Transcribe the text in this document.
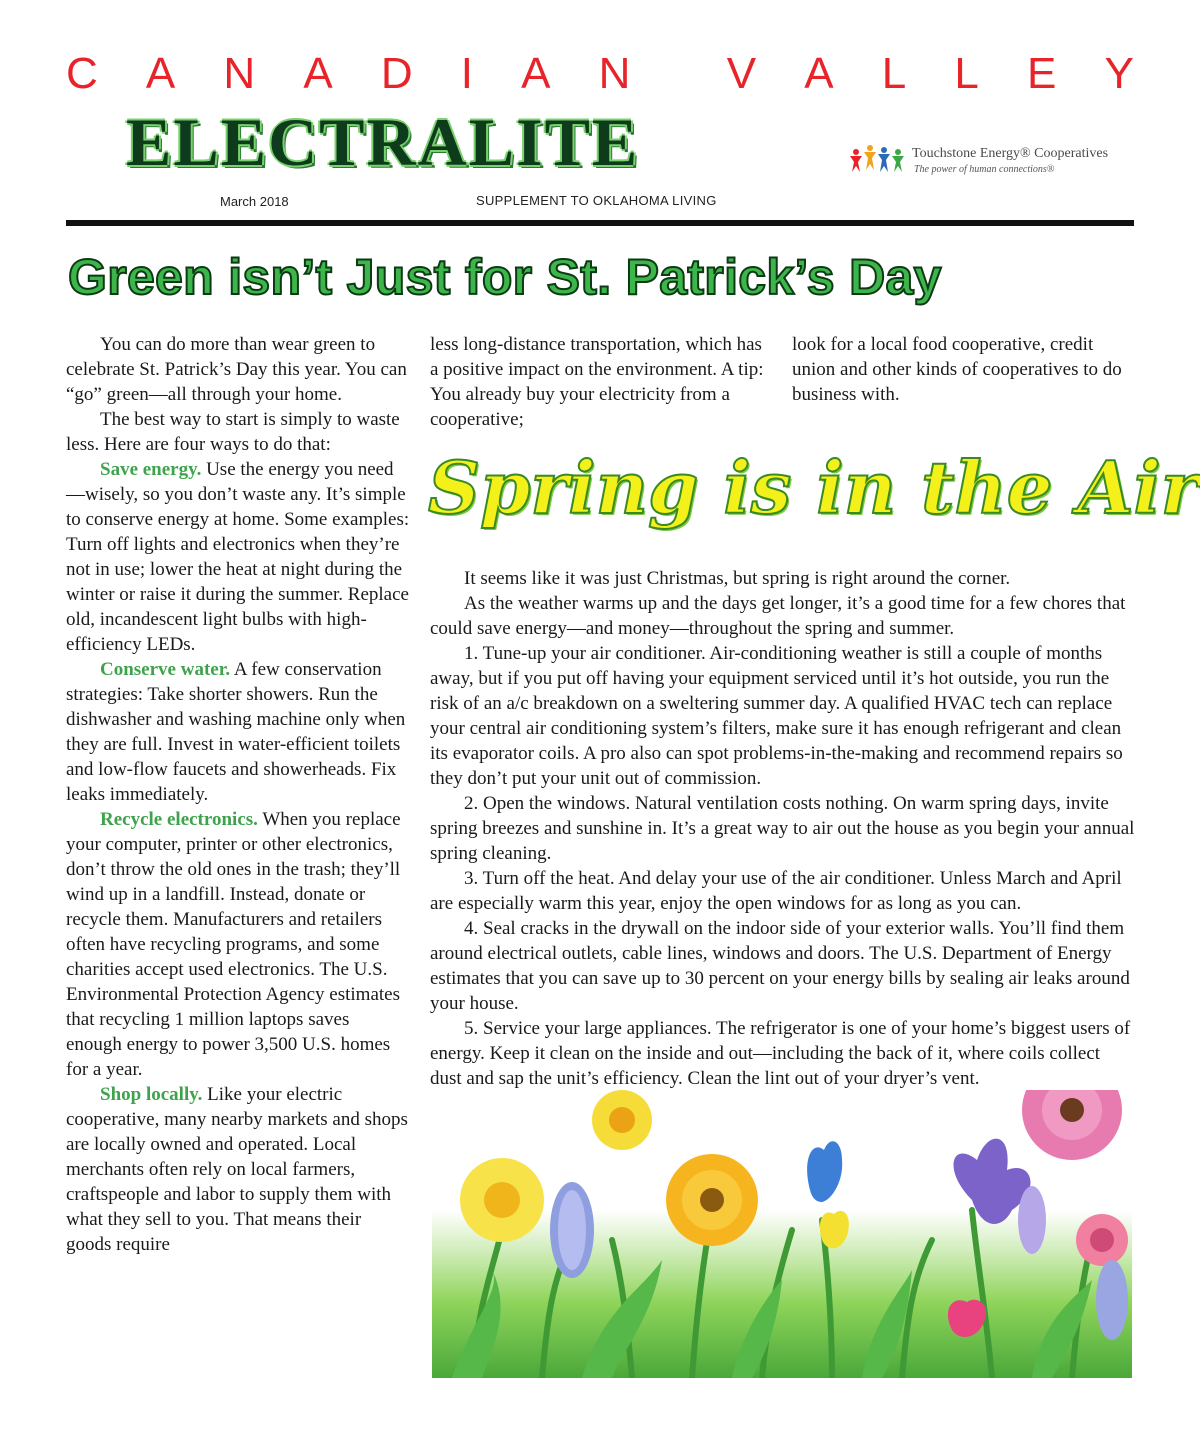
C A N A D I A N V A L L E Y
ELECTRALITE	Touchstone Energy® Cooperatives
The power of human connections®
March 2018	SUPPLEMENT TO OKLAHOMA LIVING
Green isn’t Just for St. Patrick’s Day

You can do more than wear green to celebrate St. Patrick’s Day this year. You can “go” green—all through your home.

The best way to start is simply to waste less. Here are four ways to do that:

Save energy. Use the energy you need—wisely, so you don’t waste any. It’s simple to conserve energy at home. Some examples: Turn off lights and electronics when they’re not in use; lower the heat at night during the winter or raise it during the summer. Replace old, incandescent light bulbs with high-efficiency LEDs.

Conserve water. A few conservation strategies: Take shorter showers. Run the dishwasher and washing machine only when they are full. Invest in water-efficient toilets and low-flow faucets and showerheads. Fix leaks immediately.

Recycle electronics. When you replace your computer, printer or other electronics, don’t throw the old ones in the trash; they’ll wind up in a landfill. Instead, donate or recycle them. Manufacturers and retailers often have recycling programs, and some charities accept used electronics. The U.S. Environmental Protection Agency estimates that recycling 1 million laptops saves enough energy to power 3,500 U.S. homes for a year.

Shop locally. Like your electric cooperative, many nearby markets and shops are locally owned and operated. Local merchants often rely on local farmers, craftspeople and labor to supply them with what they sell to you. That means their goods require

less long-distance transportation, which has a positive impact on the environment. A tip: You already buy your electricity from a cooperative;

look for a local food cooperative, credit union and other kinds of cooperatives to do business with.

Spring is in the Air

It seems like it was just Christmas, but spring is right around the corner.

As the weather warms up and the days get longer, it’s a good time for a few chores that could save energy—and money—throughout the spring and summer.

1. Tune-up your air conditioner. Air-conditioning weather is still a couple of months away, but if you put off having your equipment serviced until it’s hot outside, you run the risk of an a/c breakdown on a sweltering summer day. A qualified HVAC tech can replace your central air conditioning system’s filters, make sure it has enough refrigerant and clean its evaporator coils. A pro also can spot problems-in-the-making and recommend repairs so they don’t put your unit out of commission.

2. Open the windows. Natural ventilation costs nothing. On warm spring days, invite spring breezes and sunshine in. It’s a great way to air out the house as you begin your annual spring cleaning.

3. Turn off the heat. And delay your use of the air conditioner. Unless March and April are especially warm this year, enjoy the open windows for as long as you can.

4. Seal cracks in the drywall on the indoor side of your exterior walls. You’ll find them around electrical outlets, cable lines, windows and doors. The U.S. Department of Energy estimates that you can save up to 30 percent on your energy bills by sealing air leaks around your house.

5. Service your large appliances. The refrigerator is one of your home’s biggest users of energy. Keep it clean on the inside and out—including the back of it, where coils collect dust and sap the unit’s efficiency. Clean the lint out of your dryer’s vent.
